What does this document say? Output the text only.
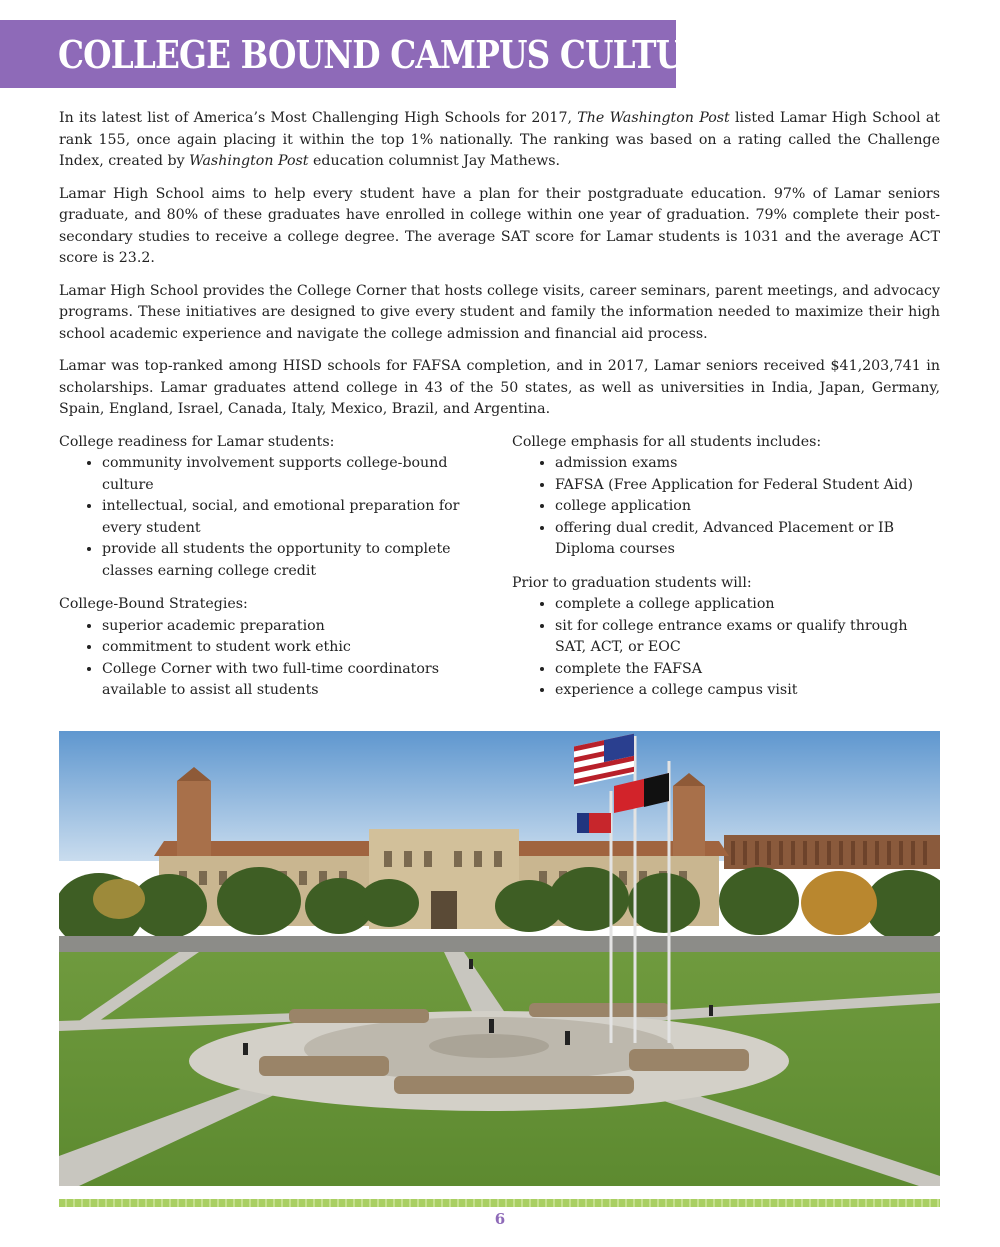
COLLEGE BOUND CAMPUS CULTURE

In its latest list of America’s Most Challenging High Schools for 2017, The Washington Post listed Lamar High School at rank 155, once again placing it within the top 1% nationally. The ranking was based on a rating called the Challenge Index, created by Washington Post education columnist Jay Mathews.

Lamar High School aims to help every student have a plan for their postgraduate education. 97% of Lamar seniors graduate, and 80% of these graduates have enrolled in college within one year of graduation. 79% complete their post-secondary studies to receive a college degree. The average SAT score for Lamar students is 1031 and the average ACT score is 23.2.

Lamar High School provides the College Corner that hosts college visits, career seminars, parent meetings, and advocacy programs. These initiatives are designed to give every student and family the information needed to maximize their high school academic experience and navigate the college admission and financial aid process.

Lamar was top-ranked among HISD schools for FAFSA completion, and in 2017, Lamar seniors received $41,203,741 in scholarships. Lamar graduates attend college in 43 of the 50 states, as well as universities in India, Japan, Germany, Spain, England, Israel, Canada, Italy, Mexico, Brazil, and Argentina.

College readiness for Lamar students:
• community involvement supports college-bound culture
• intellectual, social, and emotional preparation for every student
• provide all students the opportunity to complete classes earning college credit
College-Bound Strategies:
• superior academic preparation
• commitment to student work ethic
• College Corner with two full-time coordinators available to assist all students
College emphasis for all students includes:
• admission exams
• FAFSA (Free Application for Federal Student Aid)
• college application
• offering dual credit, Advanced Placement or IB Diploma courses
Prior to graduation students will:
• complete a college application
• sit for college entrance exams or qualify through SAT, ACT, or EOC
• complete the FAFSA
• experience a college campus visit
6
